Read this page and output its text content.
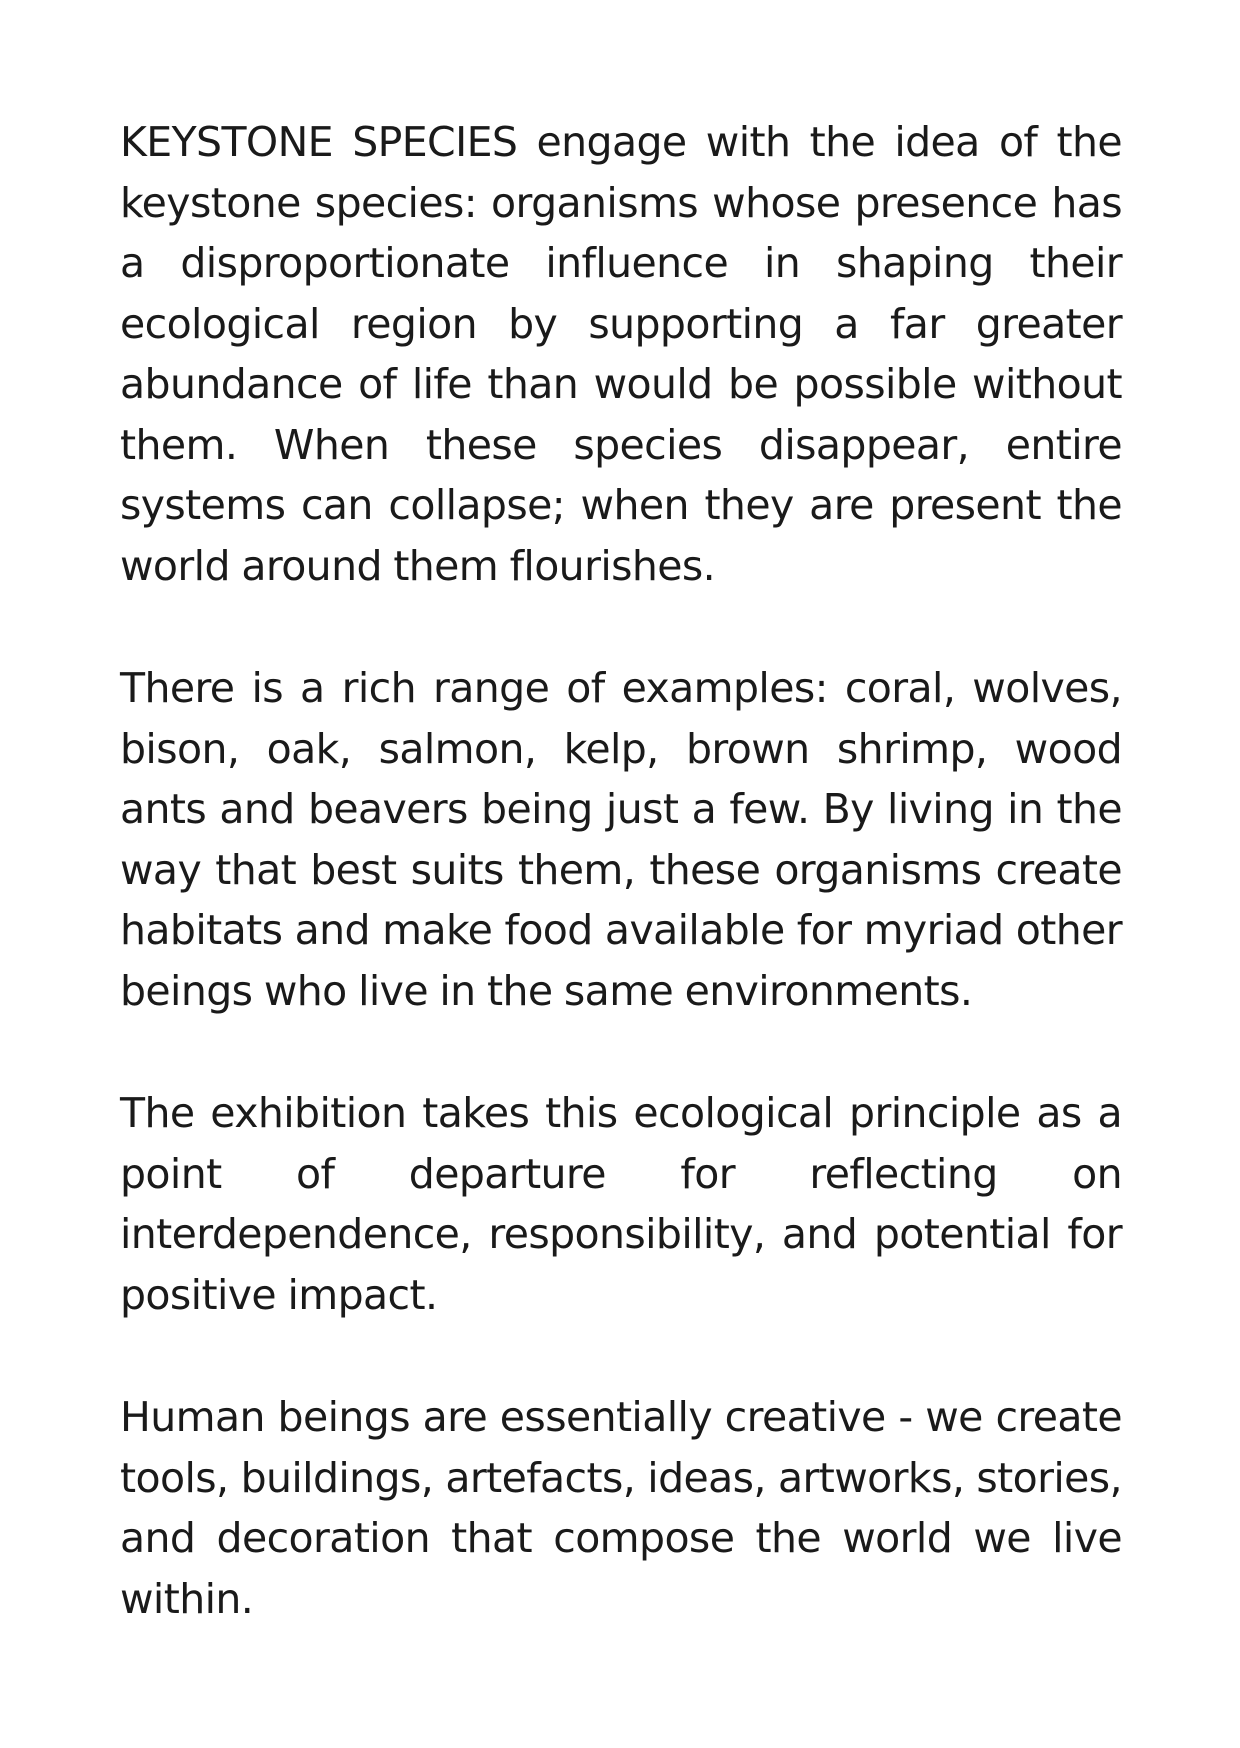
KEYSTONE SPECIES engage with the idea of the keystone species: organisms whose presence has a disproportionate influence in shaping their ecological region by supporting a far greater abundance of life than would be possible without them. When these species disappear, entire systems can collapse; when they are present the world around them flourishes.

There is a rich range of examples: coral, wolves, bison, oak, salmon, kelp, brown shrimp, wood ants and beavers being just a few. By living in the way that best suits them, these organisms create habitats and make food available for myriad other beings who live in the same environments.

The exhibition takes this ecological principle as a point of departure for reflecting on interdependence, responsibility, and potential for positive impact.

Human beings are essentially creative - we create tools, buildings, artefacts, ideas, artworks, stories, and decoration that compose the world we live within.
